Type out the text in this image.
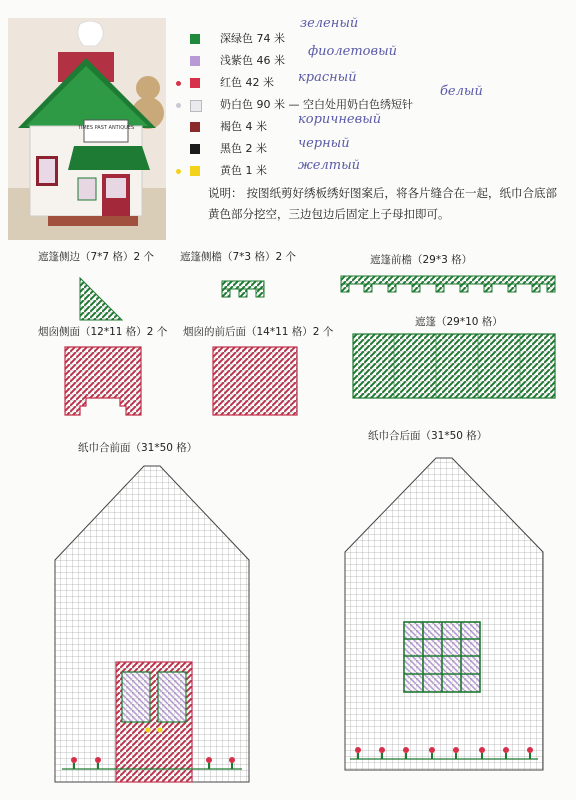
TIMES PAST ANTIQUES
深绿色 74 米
зеленый
浅紫色 46 米
фиолетовый
红色 42 米 красный
奶白色 90 米 — 空白处用奶白色绣短针
белый
褐色 4 米 коричневый
黑色 2 米 черный
黄色 1 米 желтый
说明： 按图纸剪好绣板绣好图案后，将各片缝合在一起，纸巾合底部黄色部分挖空，三边包边后固定上子母扣即可。
遮篷侧边（7*7 格）2 个 遮篷侧檐（7*3 格）2 个	遮篷前檐（29*3 格）
烟囱侧面（12*11 格）2 个 烟囱的前后面（14*11 格）2 个
遮篷（29*10 格）
纸巾合前面（31*50 格）
纸巾合后面（31*50 格）
